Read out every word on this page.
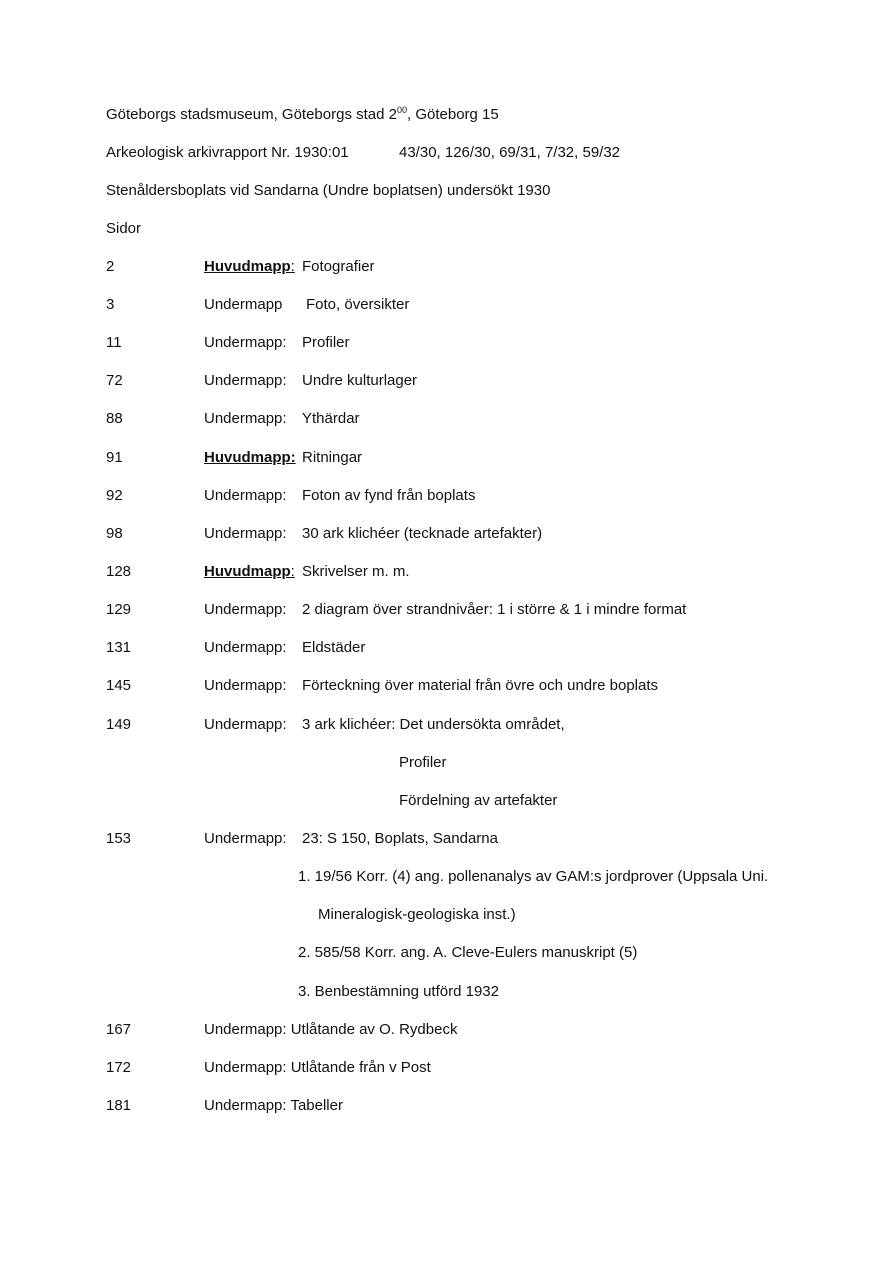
Göteborgs stadsmuseum, Göteborgs stad $2^{00}$, Göteborg 15
Arkeologisk arkivrapport Nr. 1930:01	43/30, 126/30, 69/31, 7/32, 59/32
Stenåldersboplats vid Sandarna (Undre boplatsen) undersökt 1930
Sidor
2	Huvudmapp: Fotografier
3	Undermapp Foto, översikter
11	Undermapp: Profiler
72	Undermapp: Undre kulturlager
88	Undermapp: Ythärdar
91	Huvudmapp: Ritningar
92	Undermapp: Foton av fynd från boplats
98	Undermapp: 30 ark klichéer (tecknade artefakter)
128	Huvudmapp: Skrivelser m. m.
129	Undermapp: 2 diagram över strandnivåer: 1 i större & 1 i mindre format
131	Undermapp: Eldstäder
145	Undermapp: Förteckning över material från övre och undre boplats
149	Undermapp: 3 ark klichéer: Det undersökta området,
Profiler
Fördelning av artefakter
153	Undermapp: 23: S 150, Boplats, Sandarna
1. 19/56 Korr. (4) ang. pollenanalys av GAM:s jordprover (Uppsala Uni.
Mineralogisk-geologiska inst.)
2. 585/58 Korr. ang. A. Cleve-Eulers manuskript (5)
3. Benbestämning utförd 1932
167	Undermapp: Utlåtande av O. Rydbeck
172	Undermapp: Utlåtande från v Post
181	Undermapp: Tabeller
